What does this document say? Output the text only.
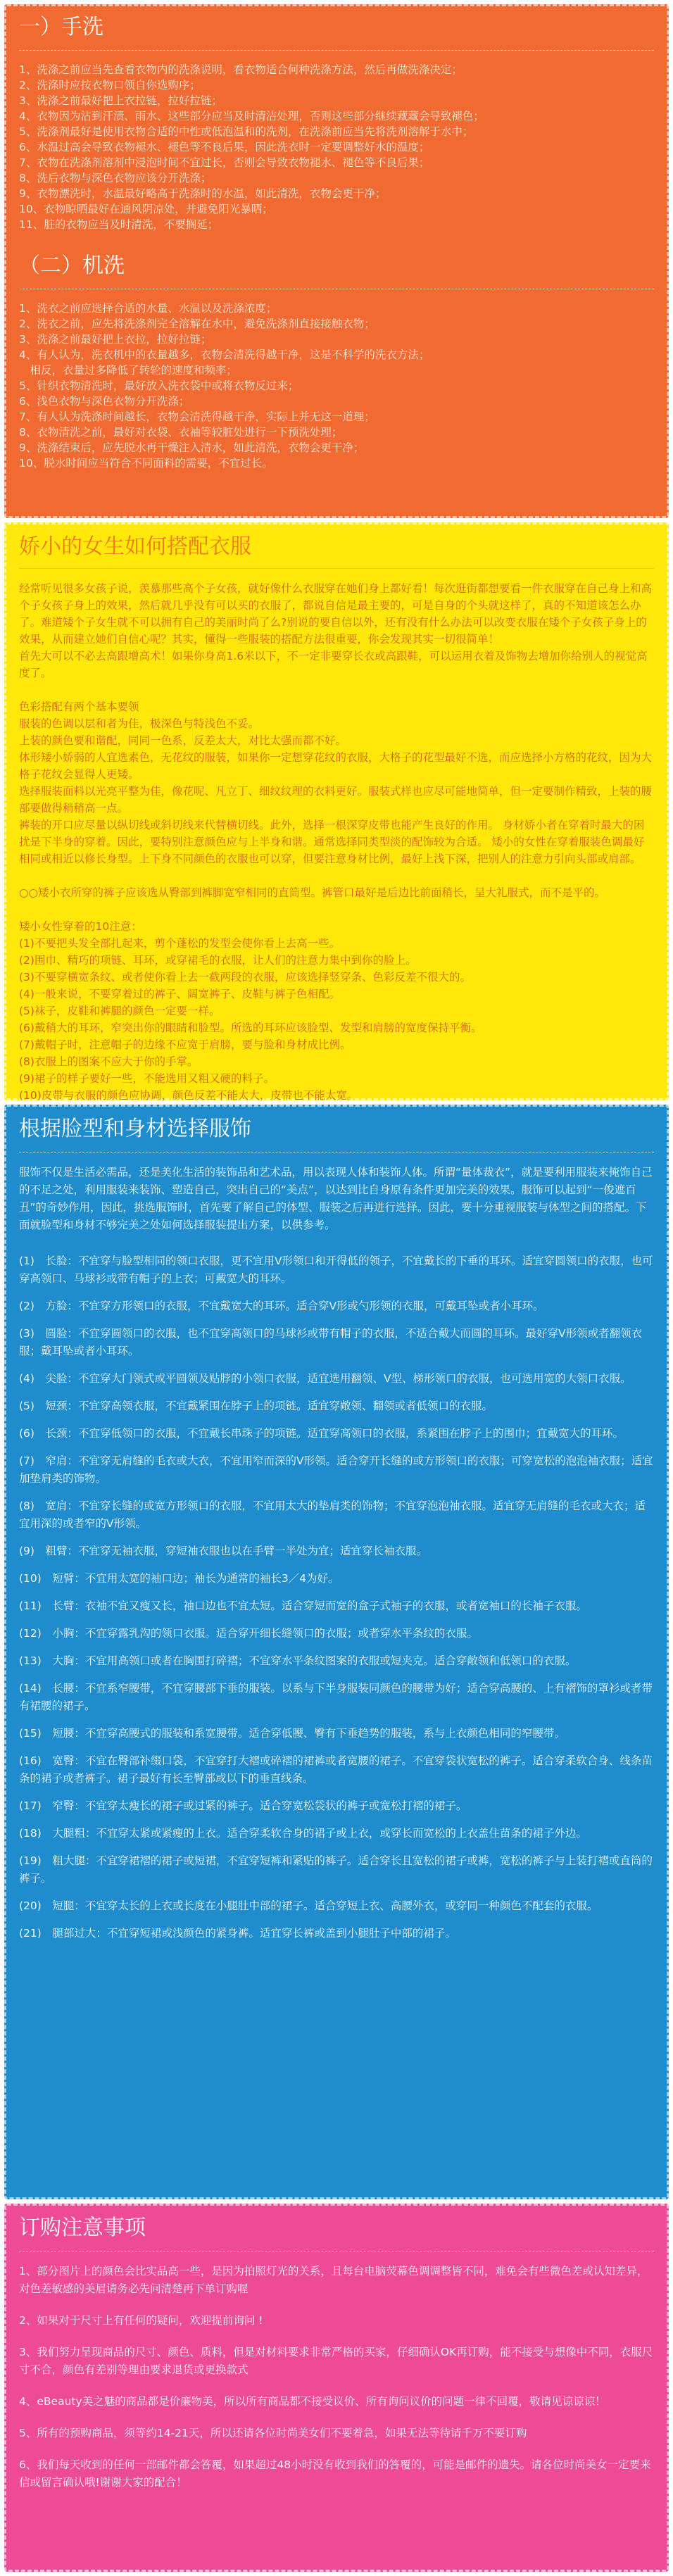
一）手洗
1、洗涤之前应当先查看衣物内的洗涤说明，看衣物适合何种洗涤方法，然后再做洗涤决定；
2、洗涤时应按衣物口领自你选购序；
3、洗涤之前最好把上衣拉链，拉好拉链；
4、衣物因为沾到汗渍、雨水、这些部分应当及时清洁处理，否则这些部分继续藏藏会导致褪色；
5、洗涤剂最好是使用衣物合适的中性或低泡温和的洗剂，在洗涤前应当先将洗剂溶解于水中；
6、水温过高会导致衣物褪水、褪色等不良后果，因此洗衣时一定要调整好水的温度；
7、衣物在洗涤剂溶剂中浸泡时间不宜过长，否则会导致衣物褪水、褪色等不良后果；
8、洗后衣物与深色衣物应该分开洗涤；
9、衣物漂洗时，水温最好略高于洗涤时的水温，如此清洗，衣物会更干净；
10、衣物晾晒最好在通风阴凉处，并避免阳光暴晒；
11、脏的衣物应当及时清洗，不要搁延；
（二）机洗
1、洗衣之前应选择合适的水量、水温以及洗涤浓度；
2、洗衣之前，应先将洗涤剂完全溶解在水中，避免洗涤剂直接接触衣物；
3、洗涤之前最好把上衣拉，拉好拉链；
4、有人认为，洗衣机中的衣量越多，衣物会清洗得越干净，这是不科学的洗衣方法；
　相反，衣量过多降低了转轮的速度和频率；
5、针织衣物清洗时，最好放入洗衣袋中或将衣物反过来；
6、浅色衣物与深色衣物分开洗涤；
7、有人认为洗涤时间越长，衣物会清洗得越干净，实际上并无这一道理；
8、衣物清洗之前，最好对衣袋、衣袖等较脏处进行一下预洗处理；
9、洗涤结束后，应先脱水再干燥注入清水，如此清洗，衣物会更干净；
10、脱水时间应当符合不同面料的需要，不宜过长。
娇小的女生如何搭配衣服

经常听见很多女孩子说，羡慕那些高个子女孩，就好像什么衣服穿在她们身上都好看！每次逛街都想要看一件衣服穿在自己身上和高个子女孩子身上的效果，然后就几乎没有可以买的衣服了，都说自信是最主要的，可是自身的个头就这样了，真的不知道该怎么办了。难道矮个子女生就不可以拥有自己的美丽时尚了么?别说的要自信以外，还有没有什么办法可以改变衣服在矮个子女孩子身上的效果，从而建立她们自信心呢？其实，懂得一些服装的搭配方法很重要，你会发现其实一切很简单！

首先大可以不必去高跟增高术！如果你身高1.6米以下，不一定非要穿长衣或高跟鞋，可以运用衣着及饰物去增加你给别人的视觉高度了。

色彩搭配有两个基本要领

服装的色调以层和者为佳，极深色与特浅色不妥。

上装的颜色要和谐配，同同一色系，反差太大，对比太强而都不好。

体形矮小娇弱的人宜选素色，无花纹的服装，如果你一定想穿花纹的衣服，大格子的花型最好不选，而应选择小方格的花纹，因为大格子花纹会显得人更矮。

选择服装面料以光亮平整为佳，像花呢、凡立丁、细纹纹理的衣料更好。服装式样也应尽可能地简单，但一定要制作精致，上装的腰部要做得稍稍高一点。

裤装的开口应尽量以纵切线或斜切线来代替横切线。此外，选择一根深穿皮带也能产生良好的作用。 身材娇小者在穿着时最大的困扰是下半身的穿着。因此，要特别注意颜色应与上半身和谐。通常选择同类型淡的配饰较为合适。 矮小的女性在穿着服装色调最好相同或相近以修长身型。上下身不同颜色的衣服也可以穿，但要注意身材比例，最好上浅下深，把别人的注意力引向头部或肩部。

○○矮小衣所穿的裤子应该选从臀部到裤脚宽窄相同的直筒型。裤管口最好是后边比前面稍长，呈大礼服式，而不是平的。

矮小女性穿着的10注意：

(1)不要把头发全部扎起来，剪个蓬松的发型会使你看上去高一些。

(2)围巾、精巧的项链、耳环，或穿裙毛的衣服，让人们的注意力集中到你的脸上。

(3)不要穿横宽条纹、或者使你看上去一截两段的衣服，应该选择竖穿条、色彩反差不很大的。

(4)一般来说，不要穿着过的裤子、阔宽裤子、皮鞋与裤子色相配。

(5)袜子，皮鞋和裤腿的颜色一定要一样。

(6)戴稍大的耳环，窄突出你的眼睛和脸型。所选的耳环应该脸型、发型和肩膀的宽度保持平衡。

(7)戴帽子时，注意帽子的边缘不应宽于肩膀，要与脸和身材成比例。

(8)衣服上的图案不应大于你的手掌。

(9)裙子的样子要好一些，不能选用又粗又硬的料子。

(10)皮带与衣服的颜色应协调，颜色反差不能太大，皮带也不能太宽。

根据脸型和身材选择服饰

服饰不仅是生活必需品，还是美化生活的装饰品和艺术品，用以表现人体和装饰人体。所谓“量体裁衣”，就是要利用服装来掩饰自己的不足之处，利用服装来装饰、塑造自己，突出自己的“美点”，以达到比自身原有条件更加完美的效果。服饰可以起到“一俊遮百丑”的奇妙作用，因此，挑选服饰时，首先要了解自己的体型、服装之后再进行选择。因此，要十分重视服装与体型之间的搭配。下面就脸型和身材不够完美之处如何选择服装提出方案，以供参考。

(1)　长脸：不宜穿与脸型相同的领口衣服，更不宜用V形领口和开得低的领子，不宜戴长的下垂的耳环。适宜穿圆领口的衣服，也可穿高领口、马球衫或带有帽子的上衣；可戴宽大的耳环。

(2)　方脸：不宜穿方形领口的衣服，不宜戴宽大的耳环。适合穿V形或勺形领的衣服，可戴耳坠或者小耳环。

(3)　圆脸：不宜穿圆领口的衣服，也不宜穿高领口的马球衫或带有帽子的衣服，不适合戴大而圆的耳环。最好穿V形领或者翻领衣服；戴耳坠或者小耳环。

(4)　尖脸：不宜穿大门领式或平圆领及贴脖的小领口衣服，适宜选用翻领、V型、梯形领口的衣服，也可选用宽的大领口衣服。

(5)　短颈：不宜穿高领衣服，不宜戴紧围在脖子上的项链。适宜穿敞领、翻领或者低领口的衣服。

(6)　长颈：不宜穿低领口的衣服，不宜戴长串珠子的项链。适宜穿高领口的衣服，系紧围在脖子上的围巾；宜戴宽大的耳环。

(7)　窄肩：不宜穿无肩缝的毛衣或大衣，不宜用窄而深的V形领。适合穿开长缝的或方形领口的衣服；可穿宽松的泡泡袖衣服；适宜加垫肩类的饰物。

(8)　宽肩：不宜穿长缝的或宽方形领口的衣服，不宜用太大的垫肩类的饰物；不宜穿泡泡袖衣服。适宜穿无肩缝的毛衣或大衣；适宜用深的或者窄的V形领。

(9)　粗臂：不宜穿无袖衣服，穿短袖衣服也以在手臂一半处为宜；适宜穿长袖衣服。

(10)　短臂：不宜用太宽的袖口边；袖长为通常的袖长3／4为好。

(11)　长臂：衣袖不宜又瘦又长，袖口边也不宜太短。适合穿短而宽的盒子式袖子的衣服，或者宽袖口的长袖子衣服。

(12)　小胸：不宜穿露乳沟的领口衣服。适合穿开细长缝领口的衣服；或者穿水平条纹的衣服。

(13)　大胸：不宜用高领口或者在胸围打碎褶；不宜穿水平条纹图案的衣服或短夹克。适合穿敞领和低领口的衣服。

(14)　长腰：不宜系窄腰带，不宜穿腰部下垂的服装。以系与下半身服装同颜色的腰带为好；适合穿高腰的、上有褶饰的罩衫或者带有裙腰的裙子。

(15)　短腰：不宜穿高腰式的服装和系宽腰带。适合穿低腰、臀有下垂趋势的服装，系与上衣颜色相同的窄腰带。

(16)　宽臀：不宜在臀部补缀口袋，不宜穿打大褶或碎褶的裙裤或者宽腰的裙子。不宜穿袋状宽松的裤子。适合穿柔软合身、线条苗条的裙子或者裤子。裙子最好有长至臀部或以下的垂直线条。

(17)　窄臀：不宜穿太瘦长的裙子或过紧的裤子。适合穿宽松袋状的裤子或宽松打褶的裙子。

(18)　大腿粗：不宜穿太紧或紧瘦的上衣。适合穿柔软合身的裙子或上衣，或穿长而宽松的上衣盖住苗条的裙子外边。

(19)　粗大腿：不宜穿裙褶的裙子或短裙，不宜穿短裤和紧贴的裤子。适合穿长且宽松的裙子或裤，宽松的裤子与上装打褶或直筒的裤子。

(20)　短腿：不宜穿太长的上衣或长度在小腿肚中部的裙子。适合穿短上衣、高腰外衣，或穿同一种颜色不配套的衣服。

(21)　腿部过大：不宜穿短裙或浅颜色的紧身裤。适宜穿长裤或盖到小腿肚子中部的裙子。

订购注意事项

1、部分图片上的颜色会比实品高一些，是因为拍照灯光的关系，且每台电脑荧幕色调调整皆不同，难免会有些微色差或认知差异，对色差敏感的美眉请务必先问清楚再下单订购喔

2、如果对于尺寸上有任何的疑问，欢迎提前询问 !

3、我们努力呈现商品的尺寸、颜色、质料，但是对材料要求非常严格的买家，仔细确认OK再订购，能不接受与想像中不同，衣服尺寸不合，颜色有差别等理由要求退货或更换款式

4、eBeauty美之魅的商品都是价廉物美，所以所有商品都不接受议价、所有询问议价的问题一律不回覆，敬请见谅谅谅！

5、所有的预购商品，须等约14-21天，所以还请各位时尚美女们不要着急，如果无法等待请千万不要订购

6、我们每天收到的任何一部邮件都会答覆，如果超过48小时没有收到我们的答覆的，可能是邮件的遗失。请各位时尚美女一定要来信或留言确认哦!谢谢大家的配合！
